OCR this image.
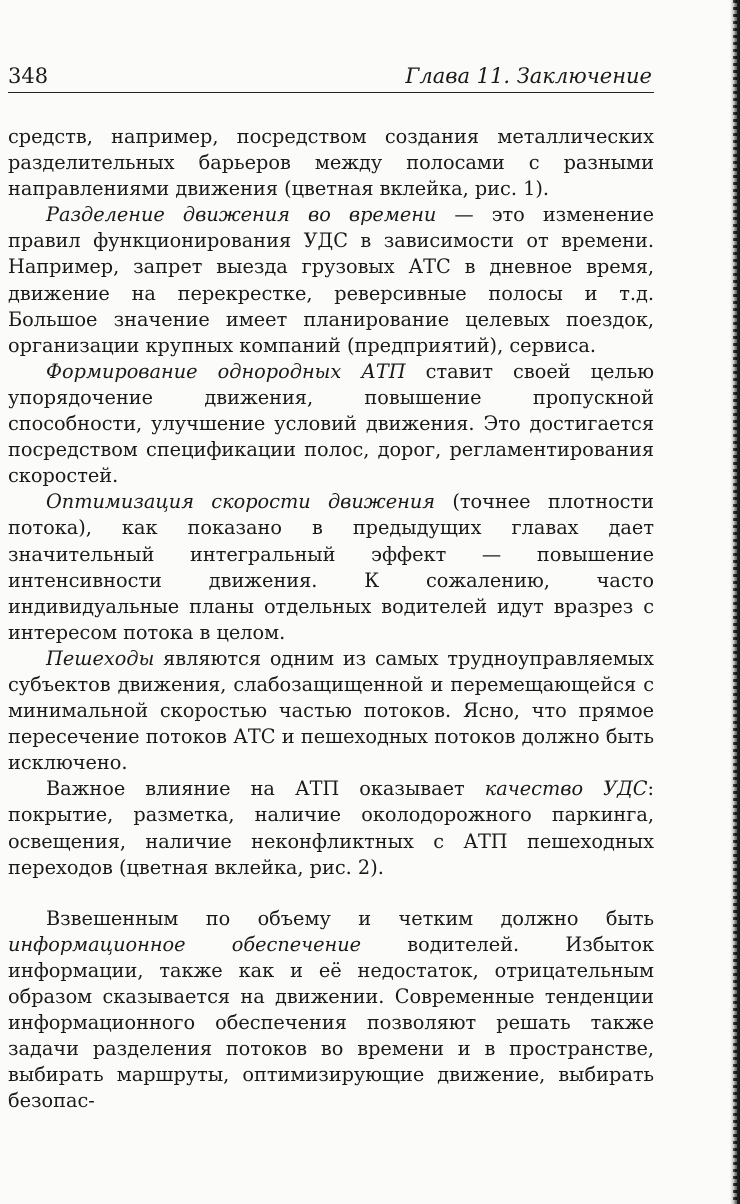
348	Глава 11. Заключение

средств, например, посредством создания металлических разделительных барьеров между полосами с разными направлениями движения (цветная вклейка, рис. 1).

Разделение движения во времени — это изменение правил функционирования УДС в зависимости от времени. Например, запрет выезда грузовых АТС в дневное время, движение на перекрестке, реверсивные полосы и т.д. Большое значение имеет планирование целевых поездок, организации крупных компаний (предприятий), сервиса.

Формирование однородных АТП ставит своей целью упорядочение движения, повышение пропускной способности, улучшение условий движения. Это достигается посредством спецификации полос, дорог, регламентирования скоростей.

Оптимизация скорости движения (точнее плотности потока), как показано в предыдущих главах дает значительный интегральный эффект — повышение интенсивности движения. К сожалению, часто индивидуальные планы отдельных водителей идут вразрез с интересом потока в целом.

Пешеходы являются одним из самых трудноуправляемых субъектов движения, слабозащищенной и перемещающейся с минимальной скоростью частью потоков. Ясно, что прямое пересечение потоков АТС и пешеходных потоков должно быть исключено.

Важное влияние на АТП оказывает качество УДС: покрытие, разметка, наличие околодорожного паркинга, освещения, наличие неконфликтных с АТП пешеходных переходов (цветная вклейка, рис. 2).

Взвешенным по объему и четким должно быть информационное обеспечение водителей. Избыток информации, также как и её недостаток, отрицательным образом сказывается на движении. Современные тенденции информационного обеспечения позволяют решать также задачи разделения потоков во времени и в пространстве, выбирать маршруты, оптимизирующие движение, выбирать безопас-
